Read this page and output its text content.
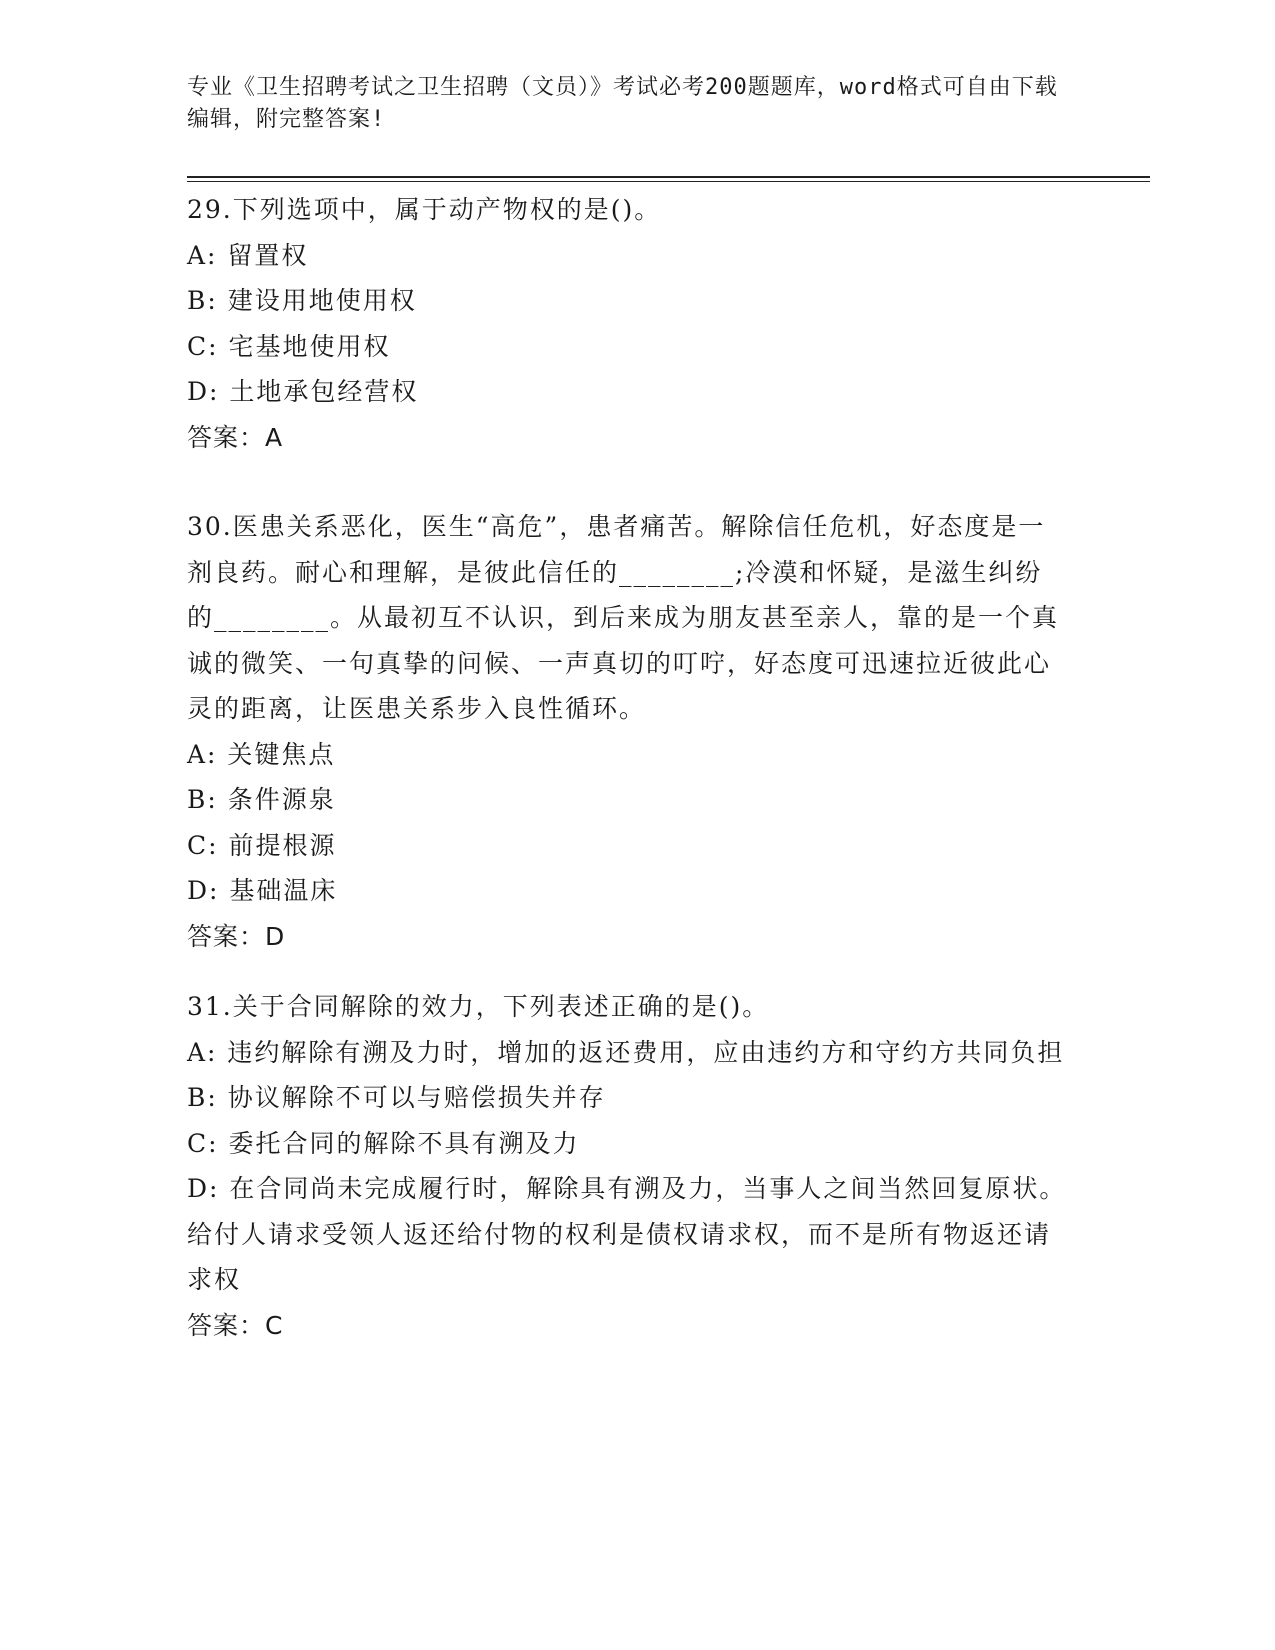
专业《卫生招聘考试之卫生招聘（文员）》考试必考200题题库，word格式可自由下载编辑，附完整答案!

29.下列选项中，属于动产物权的是()。

A: 留置权

B: 建设用地使用权

C: 宅基地使用权

D: 土地承包经营权

答案：A

30.医患关系恶化，医生“高危”，患者痛苦。解除信任危机，好态度是一剂良药。耐心和理解，是彼此信任的________;冷漠和怀疑，是滋生纠纷的________。从最初互不认识，到后来成为朋友甚至亲人，靠的是一个真诚的微笑、一句真挚的问候、一声真切的叮咛，好态度可迅速拉近彼此心灵的距离，让医患关系步入良性循环。

A: 关键焦点

B: 条件源泉

C: 前提根源

D: 基础温床

答案：D

31.关于合同解除的效力，下列表述正确的是()。

A: 违约解除有溯及力时，增加的返还费用，应由违约方和守约方共同负担

B: 协议解除不可以与赔偿损失并存

C: 委托合同的解除不具有溯及力

D: 在合同尚未完成履行时，解除具有溯及力，当事人之间当然回复原状。给付人请求受领人返还给付物的权利是债权请求权，而不是所有物返还请求权

答案：C
